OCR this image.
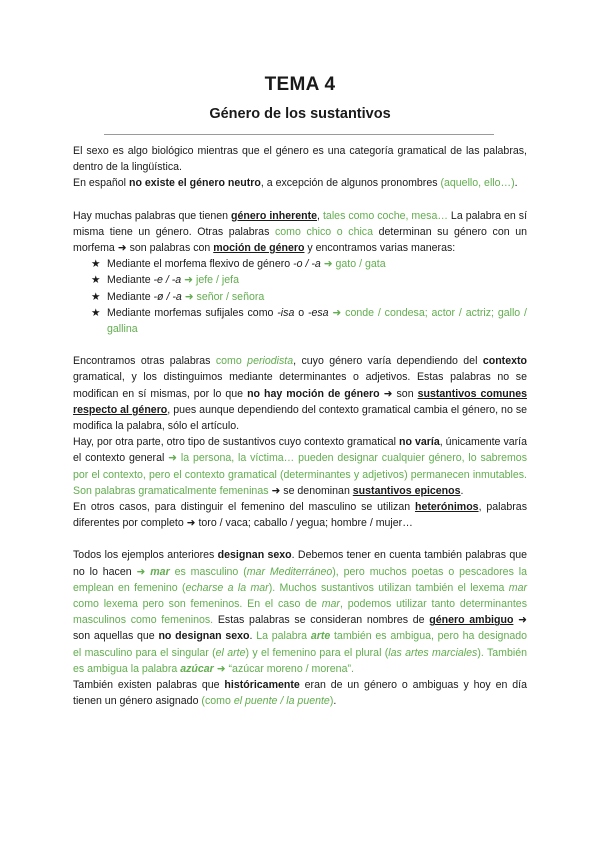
TEMA 4
Género de los sustantivos

El sexo es algo biológico mientras que el género es una categoría gramatical de las palabras, dentro de la lingüística.

En español no existe el género neutro, a excepción de algunos pronombres (aquello, ello…).

Hay muchas palabras que tienen género inherente, tales como coche, mesa… La palabra en sí misma tiene un género. Otras palabras como chico o chica determinan su género con un morfema ➜ son palabras con moción de género y encontramos varias maneras:

★ Mediante el morfema flexivo de género -o / -a ➜ gato / gata
★ Mediante -e / -a ➜ jefe / jefa
★ Mediante -ø / -a ➜ señor / señora
★ Mediante morfemas sufijales como -isa o -esa ➜ conde / condesa; actor / actriz; gallo / gallina

Encontramos otras palabras como periodista, cuyo género varía dependiendo del contexto gramatical, y los distinguimos mediante determinantes o adjetivos. Estas palabras no se modifican en sí mismas, por lo que no hay moción de género ➜ son sustantivos comunes respecto al género, pues aunque dependiendo del contexto gramatical cambia el género, no se modifica la palabra, sólo el artículo.

Hay, por otra parte, otro tipo de sustantivos cuyo contexto gramatical no varía, únicamente varía el contexto general ➜ la persona, la víctima… pueden designar cualquier género, lo sabremos por el contexto, pero el contexto gramatical (determinantes y adjetivos) permanecen inmutables. Son palabras gramaticalmente femeninas ➜ se denominan sustantivos epicenos.

En otros casos, para distinguir el femenino del masculino se utilizan heterónimos, palabras diferentes por completo ➜ toro / vaca; caballo / yegua; hombre / mujer…

Todos los ejemplos anteriores designan sexo. Debemos tener en cuenta también palabras que no lo hacen ➜ mar es masculino (mar Mediterráneo), pero muchos poetas o pescadores la emplean en femenino (echarse a la mar). Muchos sustantivos utilizan también el lexema mar como lexema pero son femeninos. En el caso de mar, podemos utilizar tanto determinantes masculinos como femeninos. Estas palabras se consideran nombres de género ambiguo ➜ son aquellas que no designan sexo. La palabra arte también es ambigua, pero ha designado el masculino para el singular (el arte) y el femenino para el plural (las artes marciales). También es ambigua la palabra azúcar ➜ “azúcar moreno / morena”.

También existen palabras que históricamente eran de un género o ambiguas y hoy en día tienen un género asignado (como el puente / la puente).
